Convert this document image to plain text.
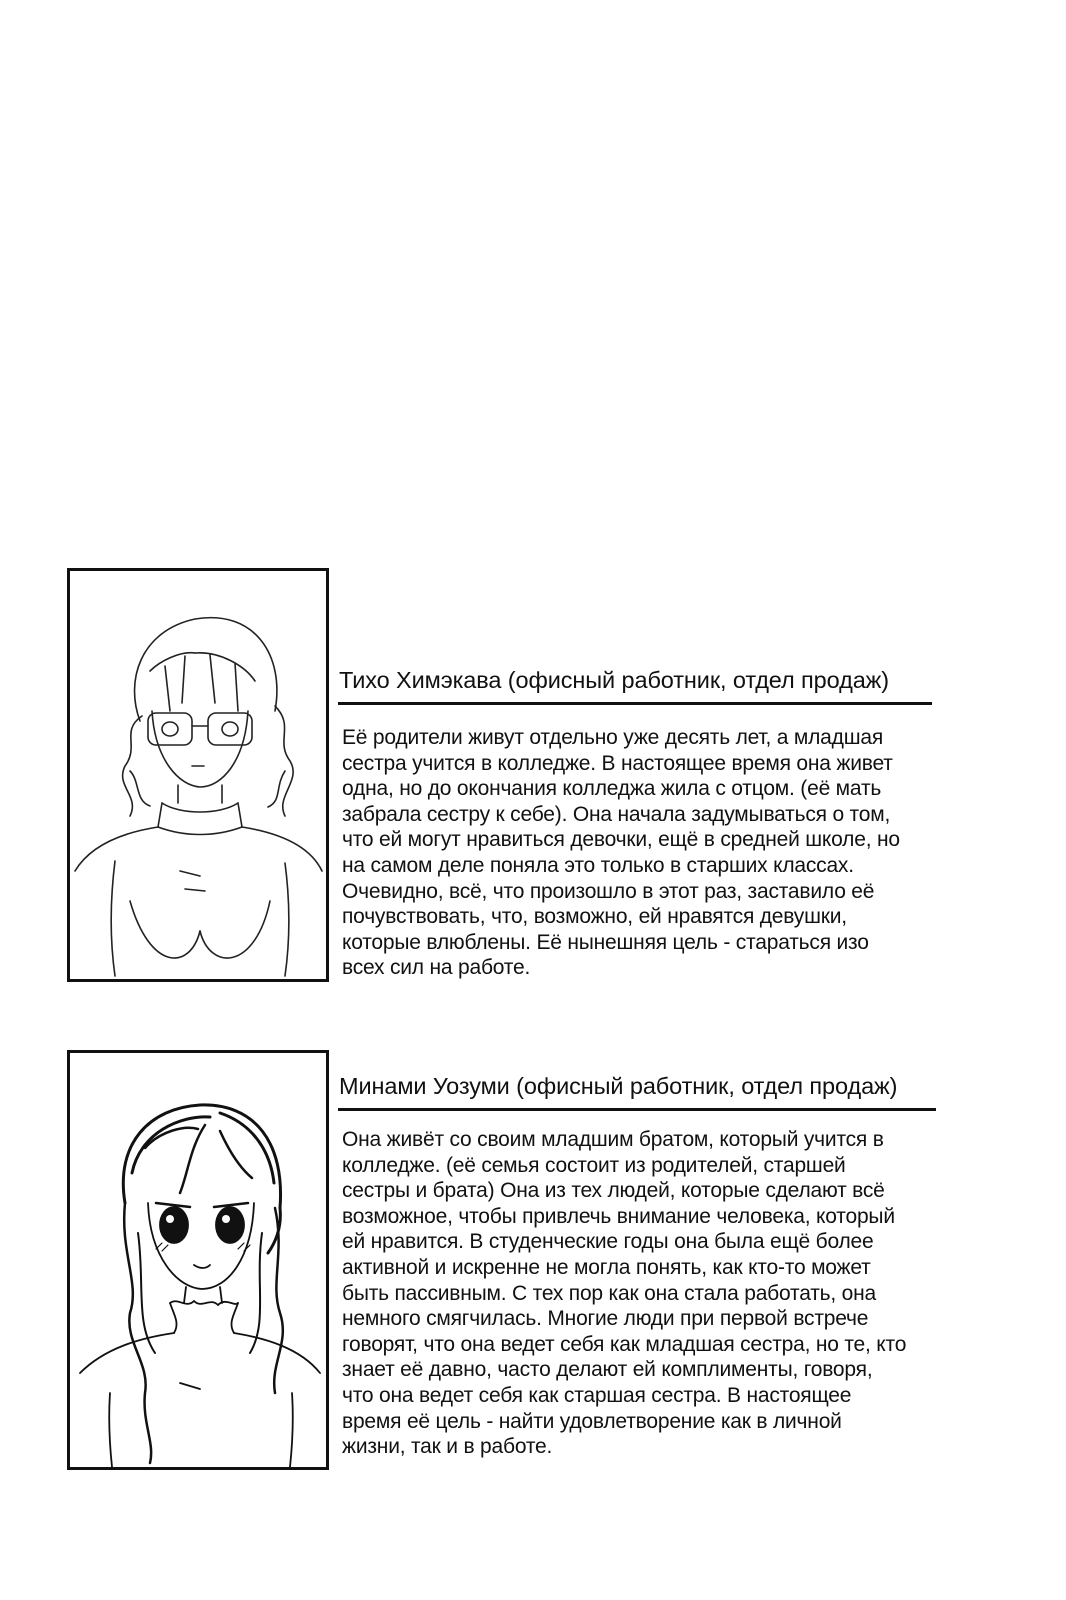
Тихо Химэкава (офисный работник, отдел продаж)
Её родители живут отдельно уже десять лет, а младшая
сестра учится в колледже. В настоящее время она живет
одна, но до окончания колледжа жила с отцом. (её мать
забрала сестру к себе). Она начала задумываться о том,
что ей могут нравиться девочки, ещё в средней школе, но
на самом деле поняла это только в старших классах.
Очевидно, всё, что произошло в этот раз, заставило её
почувствовать, что, возможно, ей нравятся девушки,
которые влюблены. Её нынешняя цель - стараться изо
всех сил на работе.
Минами Уозуми (офисный работник, отдел продаж)
Она живёт со своим младшим братом, который учится в
колледже. (её семья состоит из родителей, старшей
сестры и брата) Она из тех людей, которые сделают всё
возможное, чтобы привлечь внимание человека, который
ей нравится. В студенческие годы она была ещё более
активной и искренне не могла понять, как кто-то может
быть пассивным. С тех пор как она стала работать, она
немного смягчилась. Многие люди при первой встрече
говорят, что она ведет себя как младшая сестра, но те, кто
знает её давно, часто делают ей комплименты, говоря,
что она ведет себя как старшая сестра. В настоящее
время её цель - найти удовлетворение как в личной
жизни, так и в работе.
